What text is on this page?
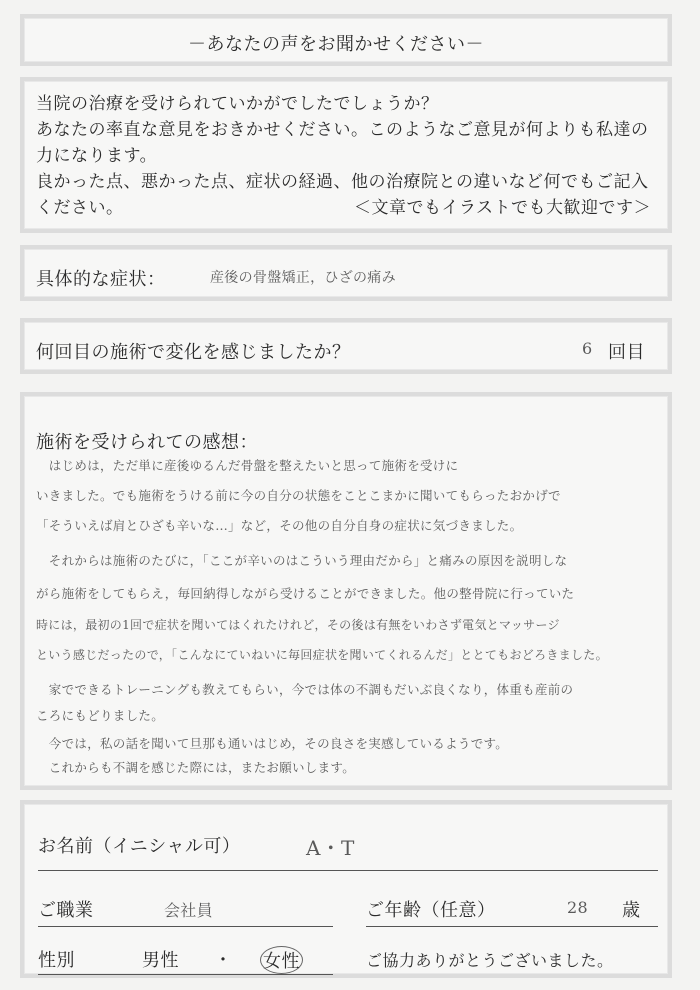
－あなたの声をお聞かせください－
当院の治療を受けられていかがでしたでしょうか？
あなたの率直な意見をおきかせください。このようなご意見が何よりも私達の
力になります。
良かった点、悪かった点、症状の経過、他の治療院との違いなど何でもご記入
ください。	＜文章でもイラストでも大歓迎です＞
具体的な症状：	産後の骨盤矯正，ひざの痛み
何回目の施術で変化を感じましたか？	6 回目
施術を受けられての感想：
　はじめは，ただ単に産後ゆるんだ骨盤を整えたいと思って施術を受けに
いきました。でも施術をうける前に今の自分の状態をことこまかに聞いてもらったおかげで
「そういえば肩とひざも辛いな…」など，その他の自分自身の症状に気づきました。
　それからは施術のたびに，「ここが辛いのはこういう理由だから」と痛みの原因を説明しな
がら施術をしてもらえ，毎回納得しながら受けることができました。他の整骨院に行っていた
時には，最初の1回で症状を聞いてはくれたけれど，その後は有無をいわさず電気とマッサージ
という感じだったので，「こんなにていねいに毎回症状を聞いてくれるんだ」ととてもおどろきました。
　家でできるトレーニングも教えてもらい，今では体の不調もだいぶ良くなり，体重も産前の
ころにもどりました。
　今では，私の話を聞いて旦那も通いはじめ，その良さを実感しているようです。
　これからも不調を感じた際には，またお願いします。
お名前（イニシャル可）	A・T
ご職業	会社員	ご年齢（任意）	28 歳
性別	男性 ・ 女性	ご協力ありがとうございました。
